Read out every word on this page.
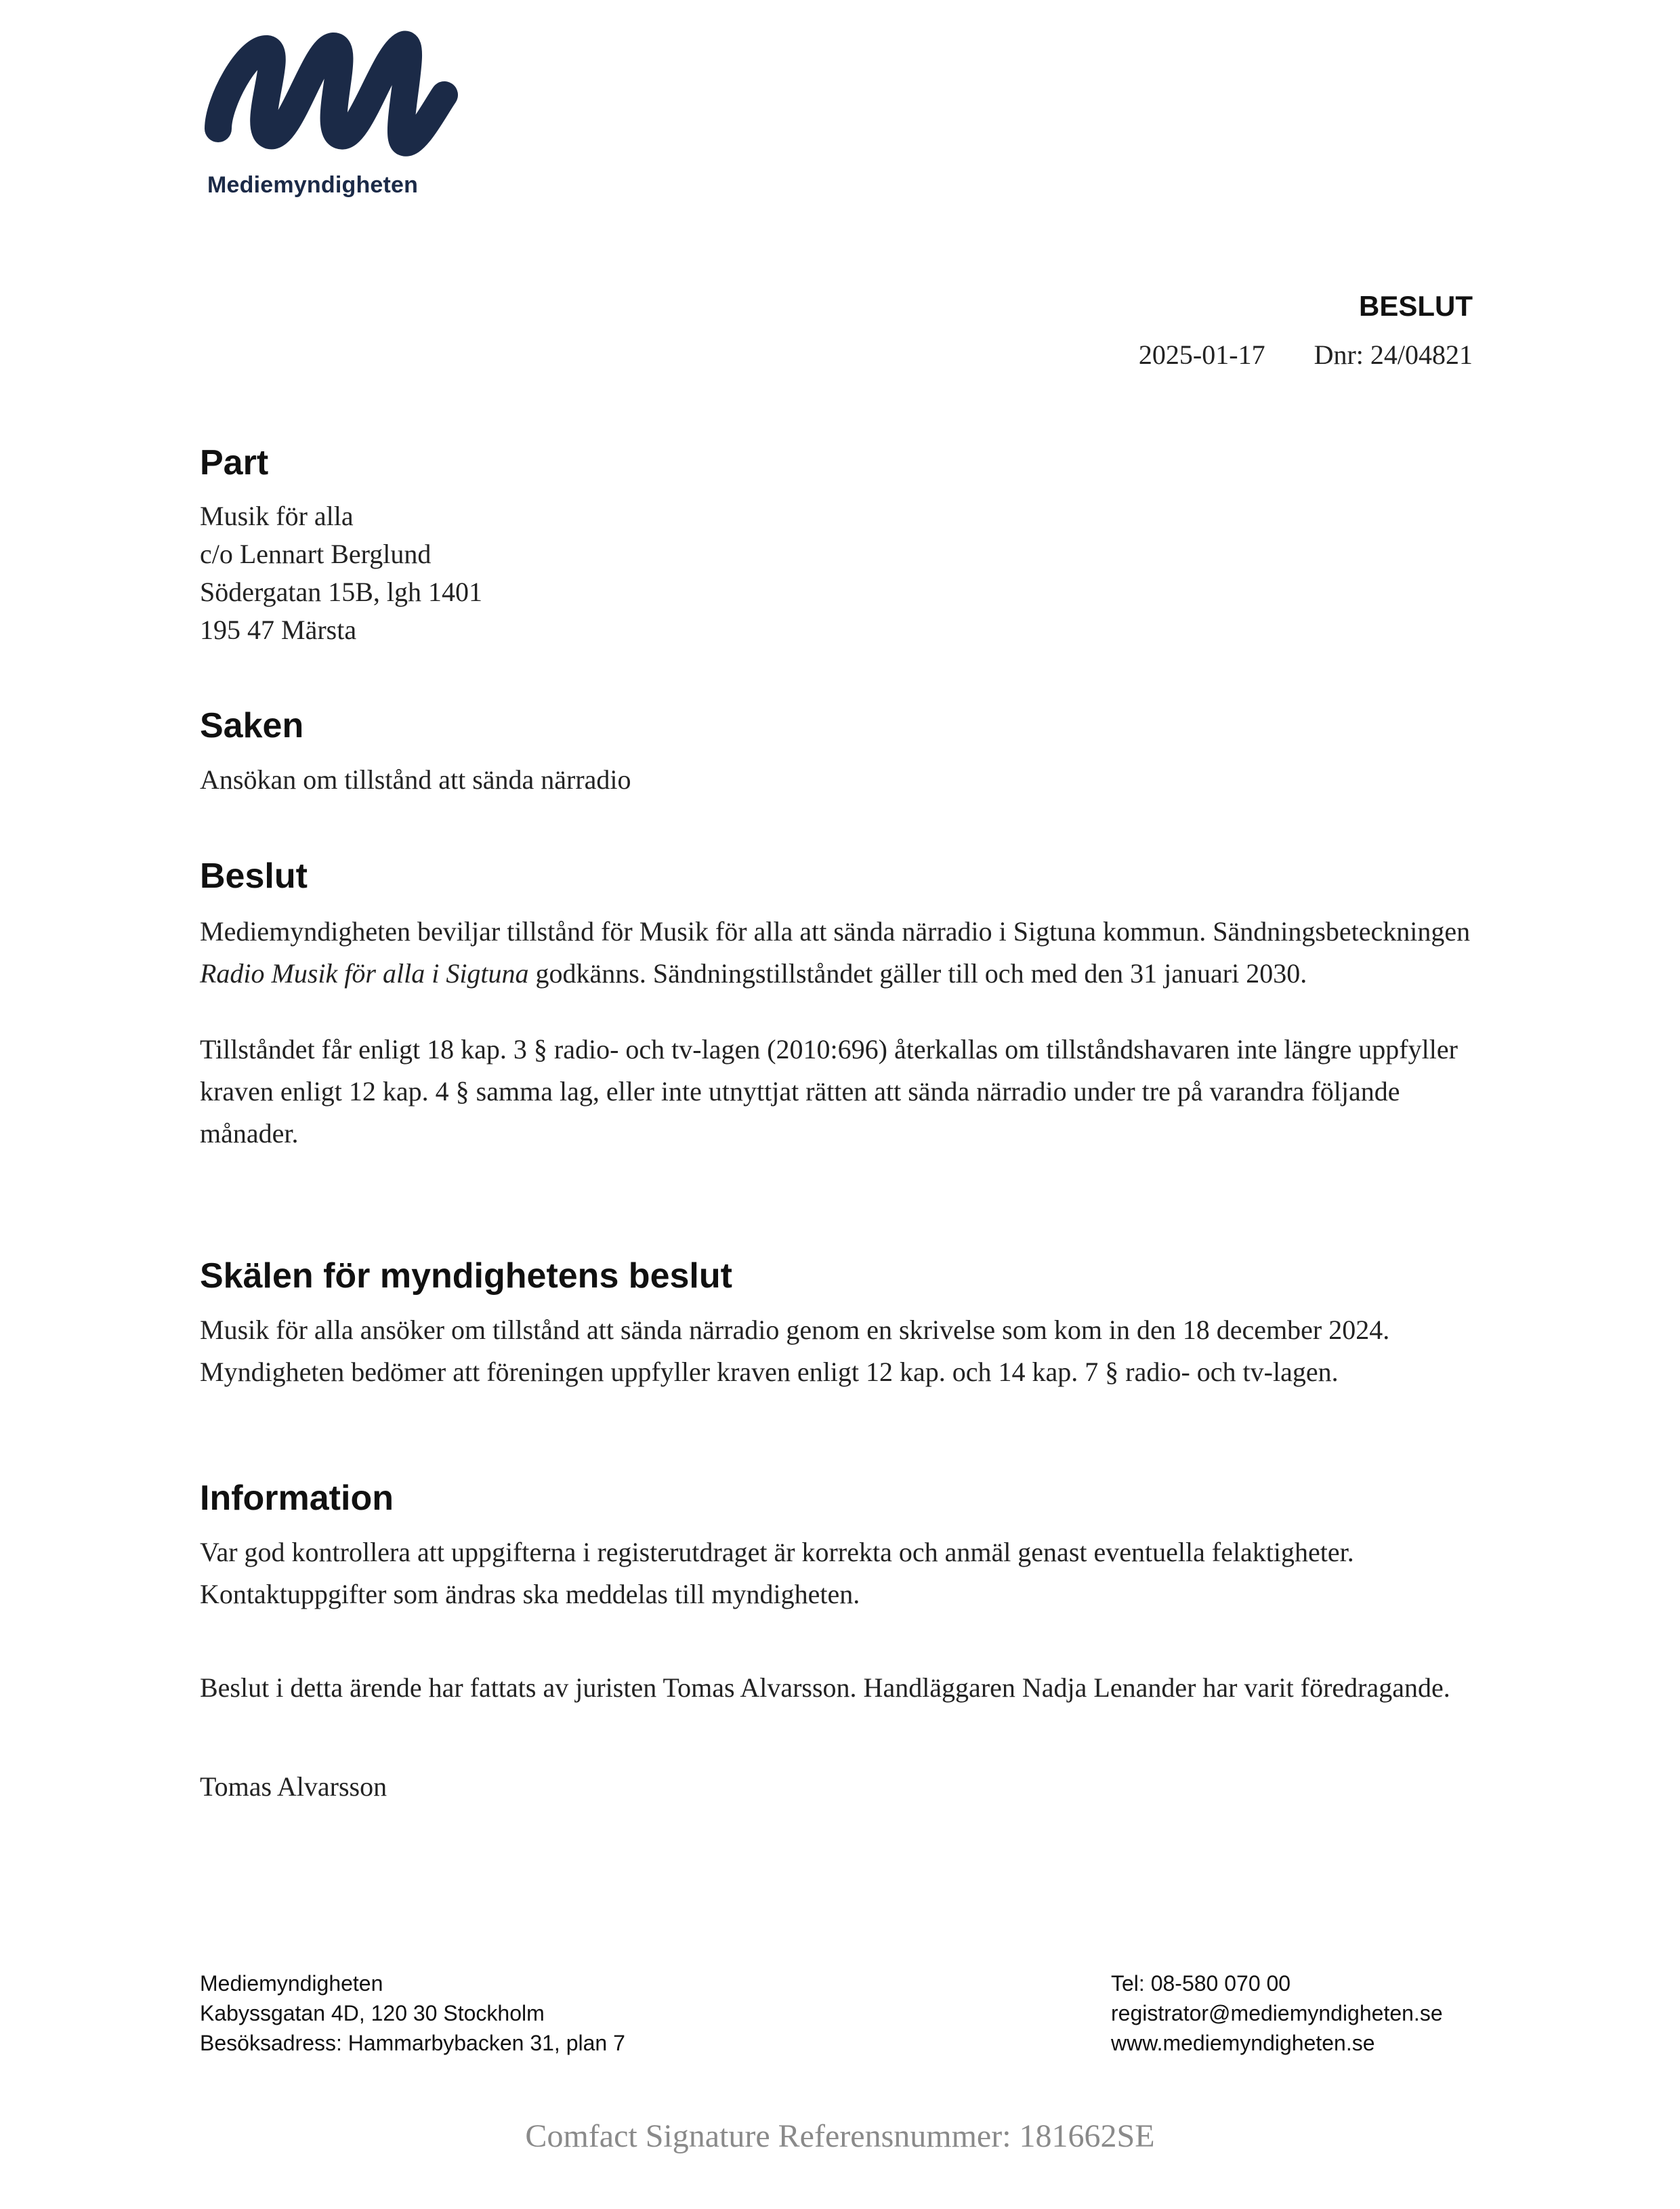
Mediemyndigheten
BESLUT
2025-01-17 Dnr: 24/04821
Part

Musik för alla

c/o Lennart Berglund

Södergatan 15B, lgh 1401

195 47 Märsta

Saken

Ansökan om tillstånd att sända närradio

Beslut

Mediemyndigheten beviljar tillstånd för Musik för alla att sända närradio i Sigtuna kommun. Sändningsbeteckningen Radio Musik för alla i Sigtuna godkänns. Sändningstillståndet gäller till och med den 31 januari 2030.

Tillståndet får enligt 18 kap. 3 § radio- och tv-lagen (2010:696) återkallas om tillståndshavaren inte längre uppfyller kraven enligt 12 kap. 4 § samma lag, eller inte utnyttjat rätten att sända närradio under tre på varandra följande månader.

Skälen för myndighetens beslut

Musik för alla ansöker om tillstånd att sända närradio genom en skrivelse som kom in den 18 december 2024. Myndigheten bedömer att föreningen uppfyller kraven enligt 12 kap. och 14 kap. 7 § radio- och tv-lagen.

Information

Var god kontrollera att uppgifterna i registerutdraget är korrekta och anmäl genast eventuella felaktigheter. Kontaktuppgifter som ändras ska meddelas till myndigheten.

Beslut i detta ärende har fattats av juristen Tomas Alvarsson. Handläggaren Nadja Lenander har varit föredragande.

Tomas Alvarsson

Mediemyndigheten
Kabyssgatan 4D, 120 30 Stockholm
Besöksadress: Hammarbybacken 31, plan 7
Tel: 08-580 070 00
registrator@mediemyndigheten.se
www.mediemyndigheten.se
Comfact Signature Referensnummer: 181662SE
